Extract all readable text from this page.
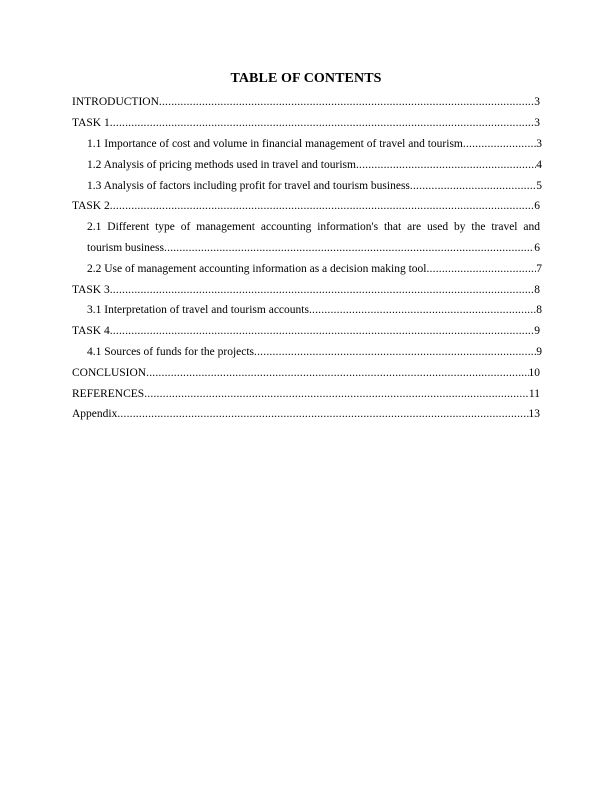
TABLE OF CONTENTS
INTRODUCTION .....	3
TASK 1 .....	3
1.1 Importance of cost and volume in financial management of travel and tourism .....	3
1.2 Analysis of pricing methods used in travel and tourism .....	4
1.3 Analysis of factors including profit for travel and tourism business .....	5
TASK 2 .....	6
2.1 Different type of management accounting information's that are used by the travel and
tourism business .....	6
2.2 Use of management accounting information as a decision making tool .....	7
TASK 3 .....	8
3.1 Interpretation of travel and tourism accounts .....	8
TASK 4 .....	9
4.1 Sources of funds for the projects .....	9
CONCLUSION .....	10
REFERENCES .....	11
Appendix .....	13
